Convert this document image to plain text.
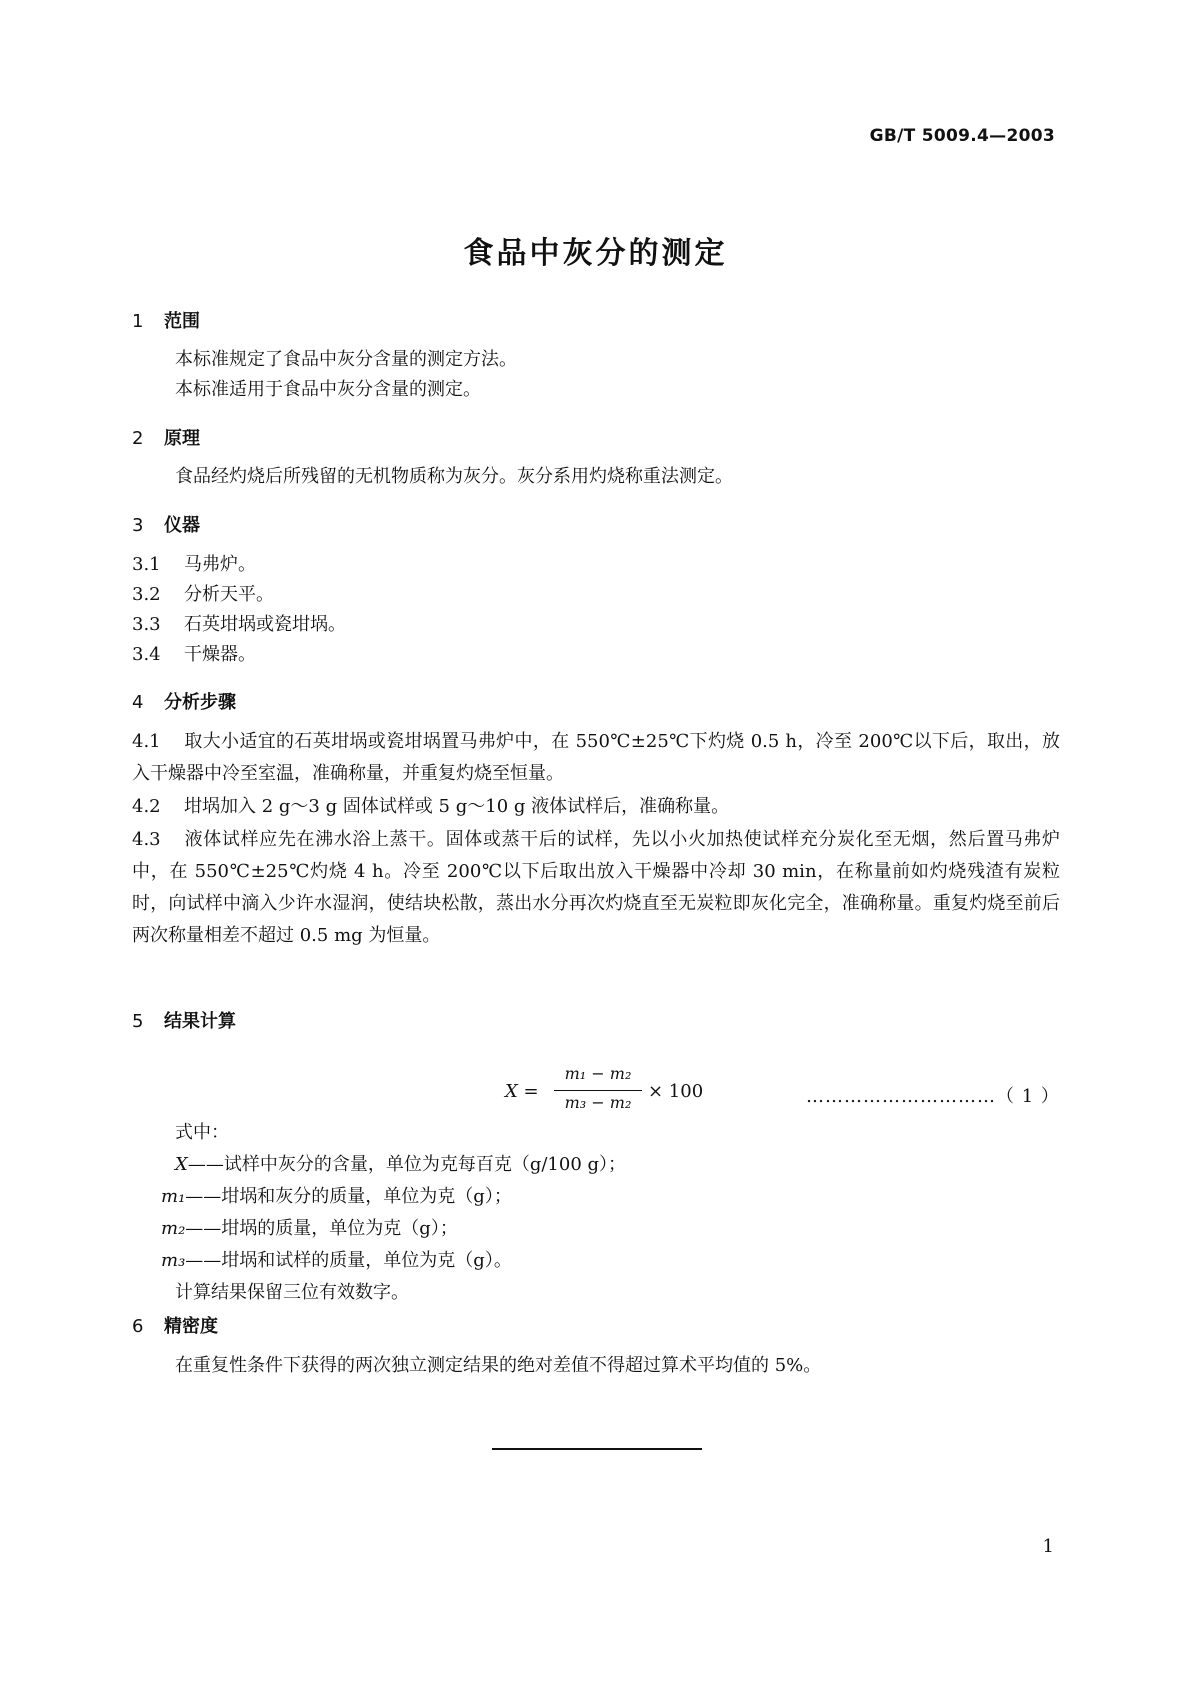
GB/T 5009.4—2003
食品中灰分的测定
1 范围
本标准规定了食品中灰分含量的测定方法。
本标准适用于食品中灰分含量的测定。
2 原理
食品经灼烧后所残留的无机物质称为灰分。灰分系用灼烧称重法测定。
3 仪器
3.1 马弗炉。
3.2 分析天平。
3.3 石英坩埚或瓷坩埚。
3.4 干燥器。
4 分析步骤

4.1 取大小适宜的石英坩埚或瓷坩埚置马弗炉中，在 550℃±25℃下灼烧 0.5 h，冷至 200℃以下后，取出，放入干燥器中冷至室温，准确称量，并重复灼烧至恒量。

4.2 坩埚加入 2 g～3 g 固体试样或 5 g～10 g 液体试样后，准确称量。

4.3 液体试样应先在沸水浴上蒸干。固体或蒸干后的试样，先以小火加热使试样充分炭化至无烟，然后置马弗炉中，在 550℃±25℃灼烧 4 h。冷至 200℃以下后取出放入干燥器中冷却 30 min，在称量前如灼烧残渣有炭粒时，向试样中滴入少许水湿润，使结块松散，蒸出水分再次灼烧直至无炭粒即灰化完全，准确称量。重复灼烧至前后两次称量相差不超过 0.5 mg 为恒量。

5 结果计算
X =
m₁ − m₂
m₃ − m₂
× 100	…………………………（ 1 ）
式中：
X——试样中灰分的含量，单位为克每百克（g/100 g）；
m₁——坩埚和灰分的质量，单位为克（g）；
m₂——坩埚的质量，单位为克（g）；
m₃——坩埚和试样的质量，单位为克（g）。
计算结果保留三位有效数字。
6 精密度
在重复性条件下获得的两次独立测定结果的绝对差值不得超过算术平均值的 5%。
1
